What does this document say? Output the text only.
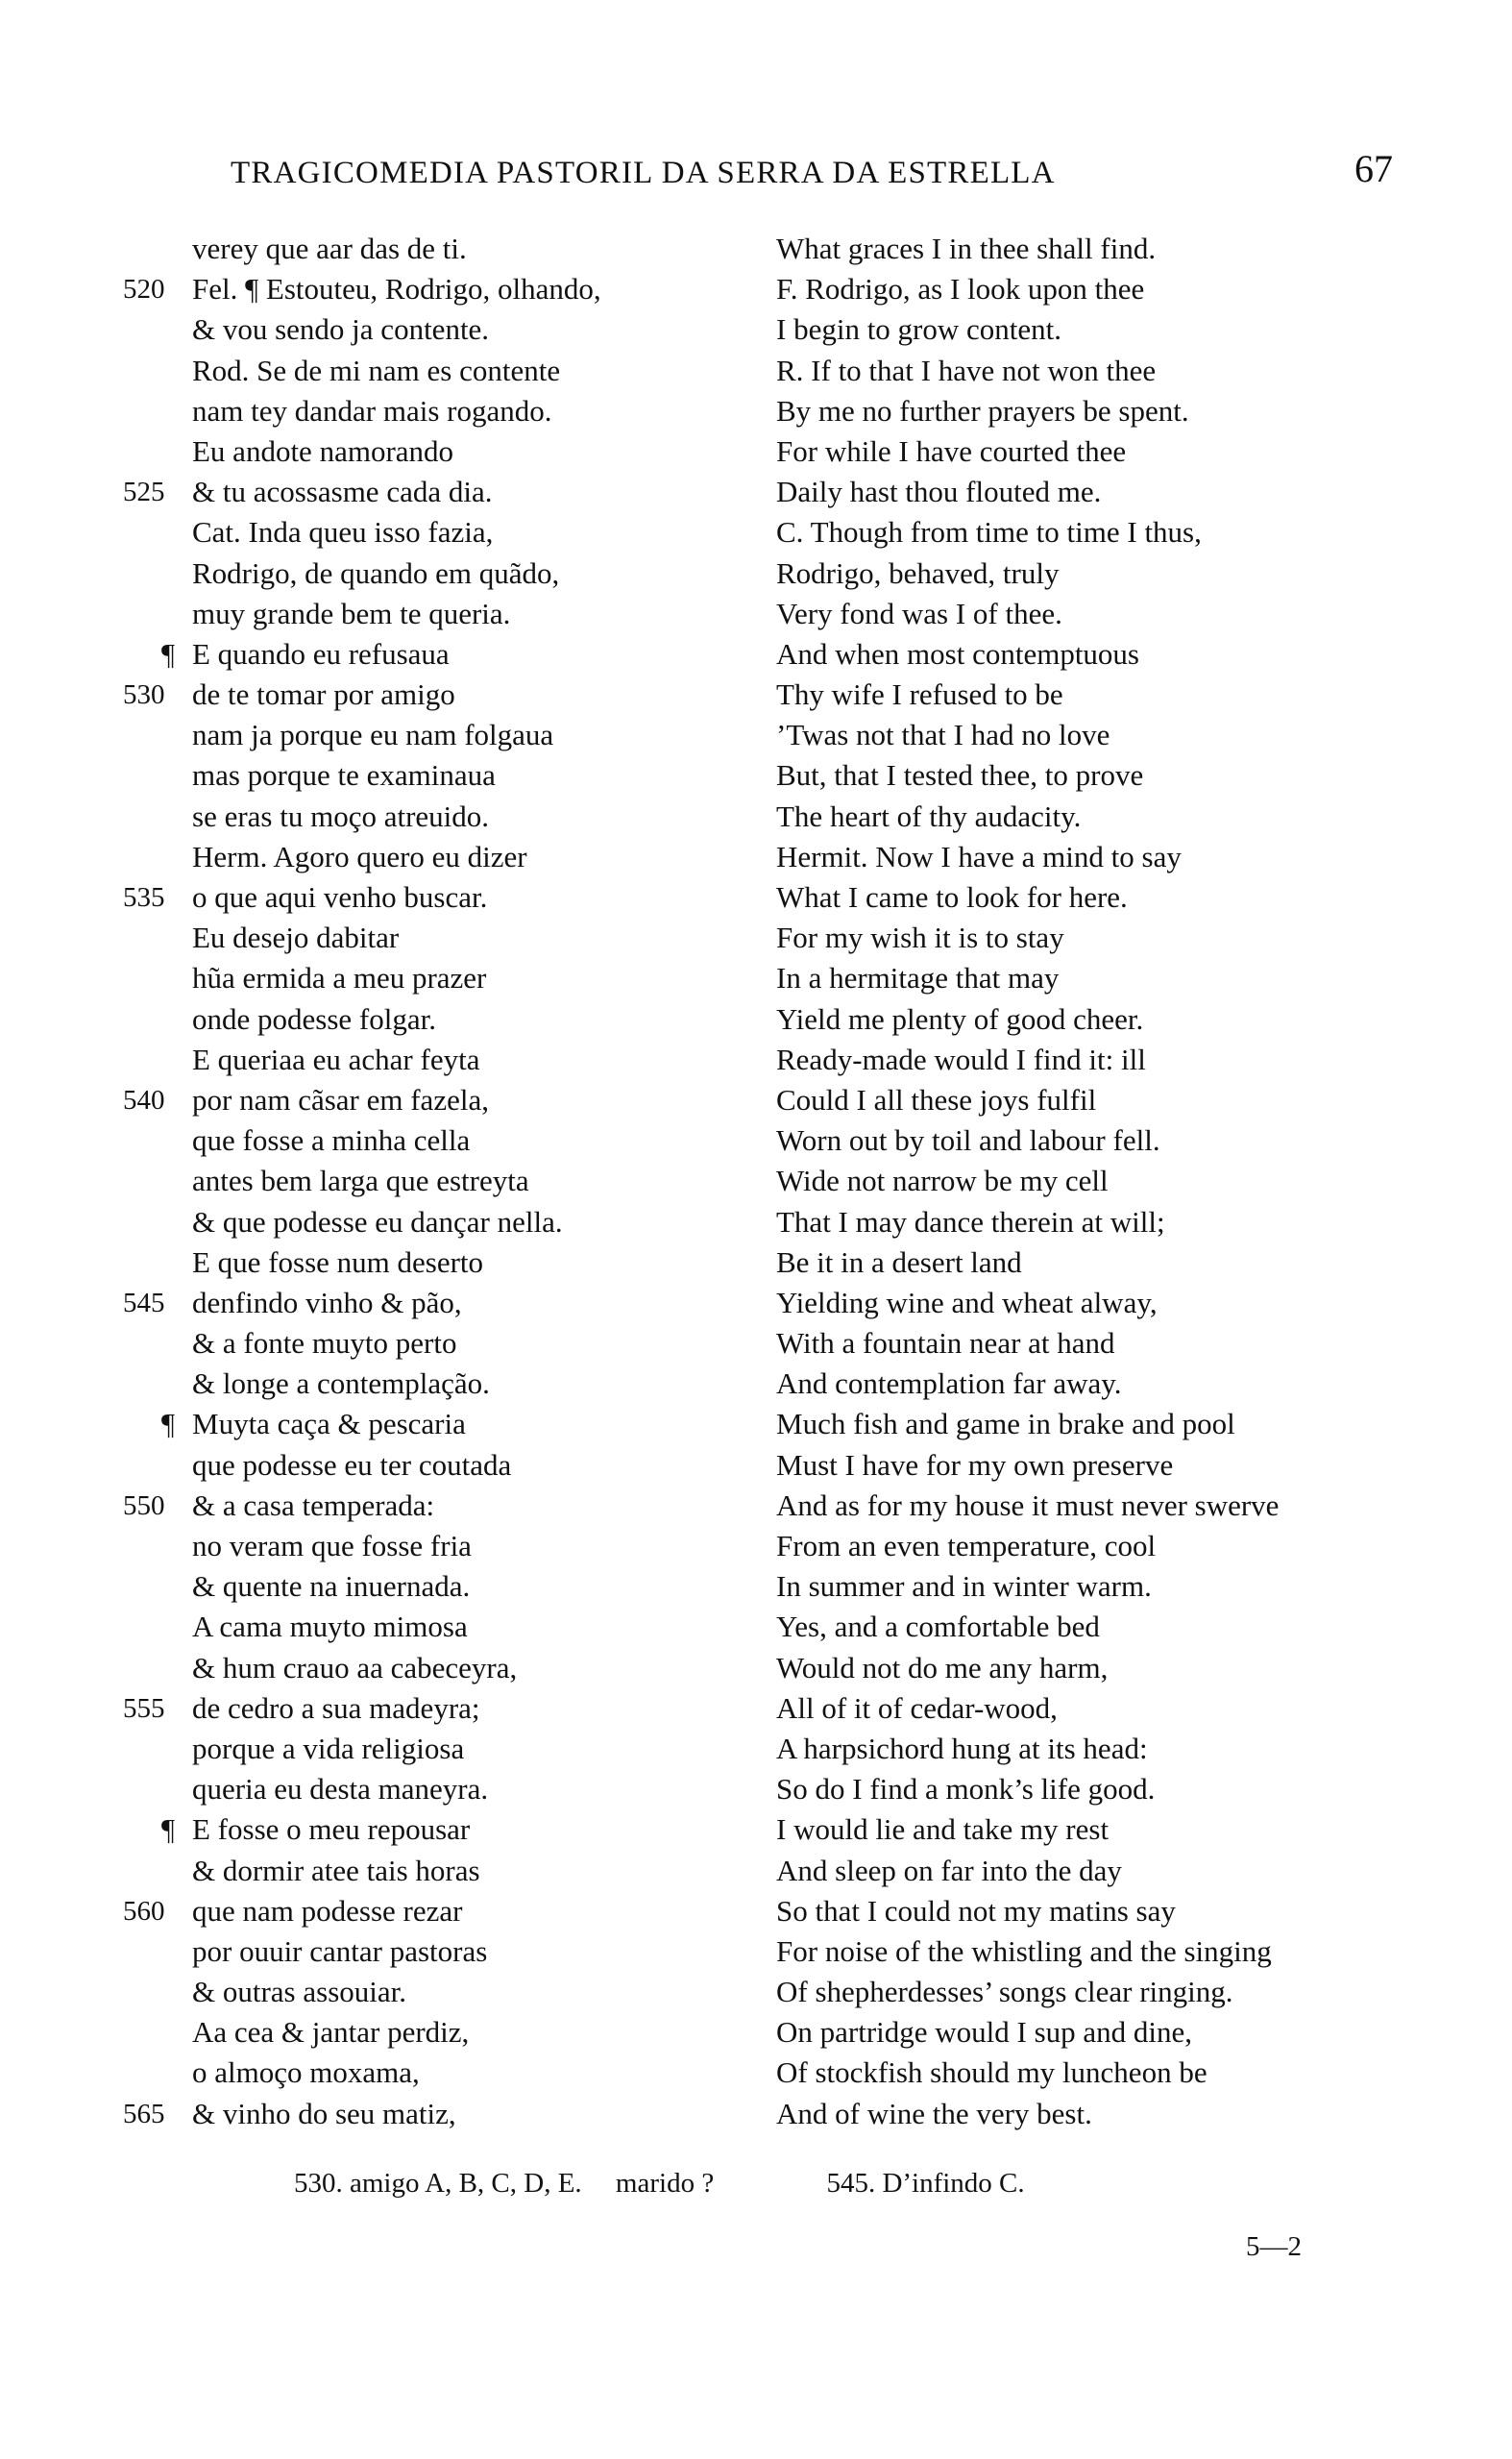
TRAGICOMEDIA PASTORIL DA SERRA DA ESTRELLA	67
verey que aar das de ti.
520 Fel. ¶ Estouteu, Rodrigo, olhando,
& vou sendo ja contente.
Rod. Se de mi nam es contente
nam tey dandar mais rogando.
Eu andote namorando
525 & tu acossasme cada dia.
Cat. Inda queu isso fazia,
Rodrigo, de quando em quãdo,
muy grande bem te queria.
¶ E quando eu refusaua
530 de te tomar por amigo
nam ja porque eu nam folgaua
mas porque te examinaua
se eras tu moço atreuido.
Herm. Agoro quero eu dizer
535 o que aqui venho buscar.
Eu desejo dabitar
hũa ermida a meu prazer
onde podesse folgar.
E queriaa eu achar feyta
540 por nam cãsar em fazela,
que fosse a minha cella
antes bem larga que estreyta
& que podesse eu dançar nella.
E que fosse num deserto
545 denfindo vinho & pão,
& a fonte muyto perto
& longe a contemplação.
¶ Muyta caça & pescaria
que podesse eu ter coutada
550 & a casa temperada:
no veram que fosse fria
& quente na inuernada.
A cama muyto mimosa
& hum crauo aa cabeceyra,
555 de cedro a sua madeyra;
porque a vida religiosa
queria eu desta maneyra.
¶ E fosse o meu repousar
& dormir atee tais horas
560 que nam podesse rezar
por ouuir cantar pastoras
& outras assouiar.
Aa cea & jantar perdiz,
o almoço moxama,
565 & vinho do seu matiz,
What graces I in thee shall find.
F. Rodrigo, as I look upon thee
I begin to grow content.
R. If to that I have not won thee
By me no further prayers be spent.
For while I have courted thee
Daily hast thou flouted me.
C. Though from time to time I thus,
Rodrigo, behaved, truly
Very fond was I of thee.
And when most contemptuous
Thy wife I refused to be
’Twas not that I had no love
But, that I tested thee, to prove
The heart of thy audacity.
Hermit. Now I have a mind to say
What I came to look for here.
For my wish it is to stay
In a hermitage that may
Yield me plenty of good cheer.
Ready-made would I find it: ill
Could I all these joys fulfil
Worn out by toil and labour fell.
Wide not narrow be my cell
That I may dance therein at will;
Be it in a desert land
Yielding wine and wheat alway,
With a fountain near at hand
And contemplation far away.
Much fish and game in brake and pool
Must I have for my own preserve
And as for my house it must never swerve
From an even temperature, cool
In summer and in winter warm.
Yes, and a comfortable bed
Would not do me any harm,
All of it of cedar-wood,
A harpsichord hung at its head:
So do I find a monk’s life good.
I would lie and take my rest
And sleep on far into the day
So that I could not my matins say
For noise of the whistling and the singing
Of shepherdesses’ songs clear ringing.
On partridge would I sup and dine,
Of stockfish should my luncheon be
And of wine the very best.
530. amigo A, B, C, D, E. marido ?	545. D’infindo C.
5—2
